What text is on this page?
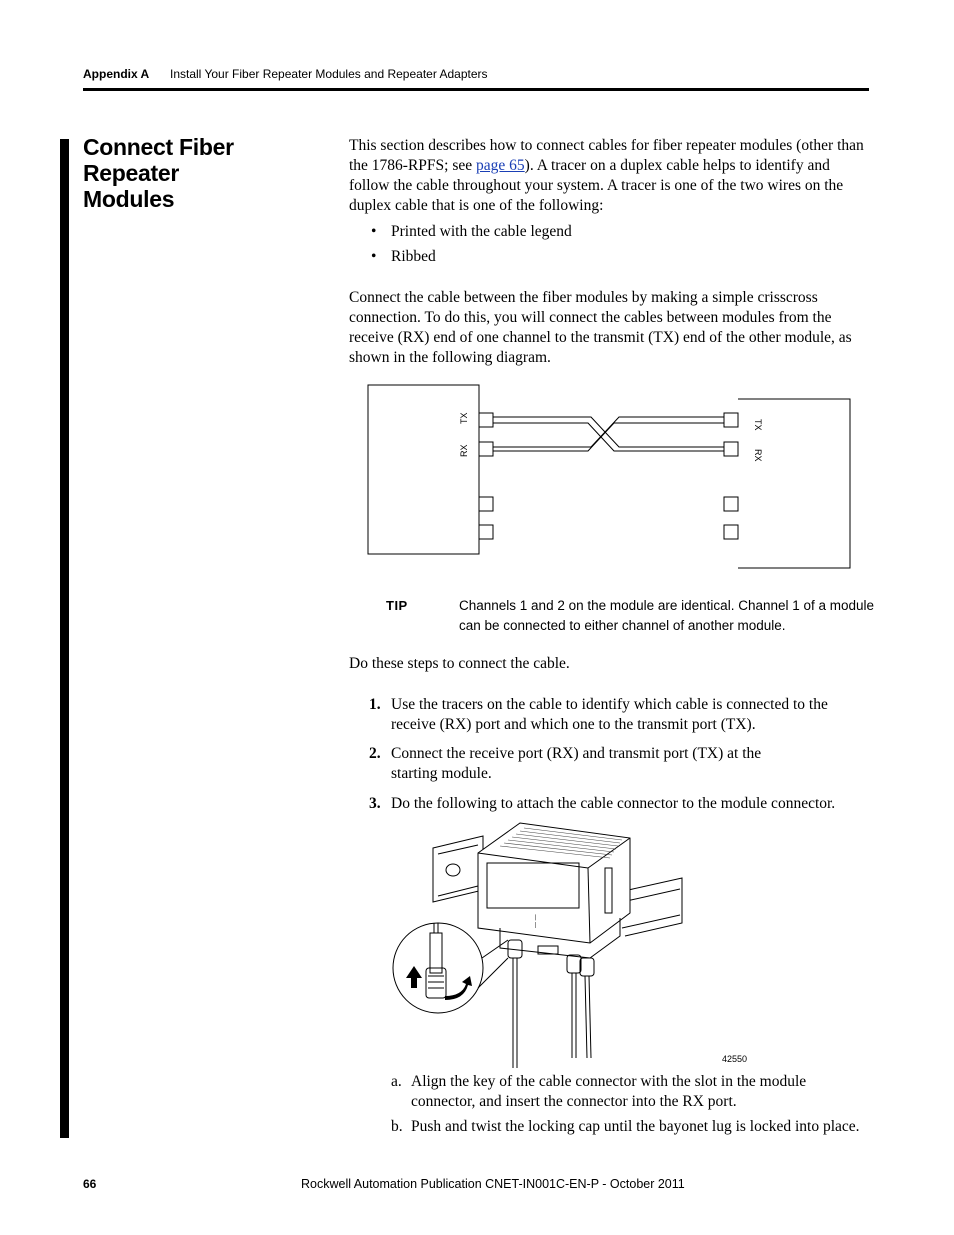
Appendix A Install Your Fiber Repeater Modules and Repeater Adapters
Connect Fiber Repeater
Modules
This section describes how to connect cables for fiber repeater modules (other than the 1786-RPFS; see page 65). A tracer on a duplex cable helps to identify and follow the cable throughout your system. A tracer is one of the two wires on the duplex cable that is one of the following:
• Printed with the cable legend
• Ribbed
Connect the cable between the fiber modules by making a simple crisscross connection. To do this, you will connect the cables between modules from the receive (RX) end of one channel to the transmit (TX) end of the other module, as shown in the following diagram.
TX
RX
TX
RX
TIP	Channels 1 and 2 on the module are identical. Channel 1 of a module can be connected to either channel of another module.
Do these steps to connect the cable.
1. Use the tracers on the cable to identify which cable is connected to the receive (RX) port and which one to the transmit port (TX).
2. Connect the receive port (RX) and transmit port (TX) at the starting module.
3. Do the following to attach the cable connector to the module connector.
— —
42550
a. Align the key of the cable connector with the slot in the module connector, and insert the connector into the RX port.
b. Push and twist the locking cap until the bayonet lug is locked into place.
66	Rockwell Automation Publication CNET-IN001C-EN-P - October 2011
